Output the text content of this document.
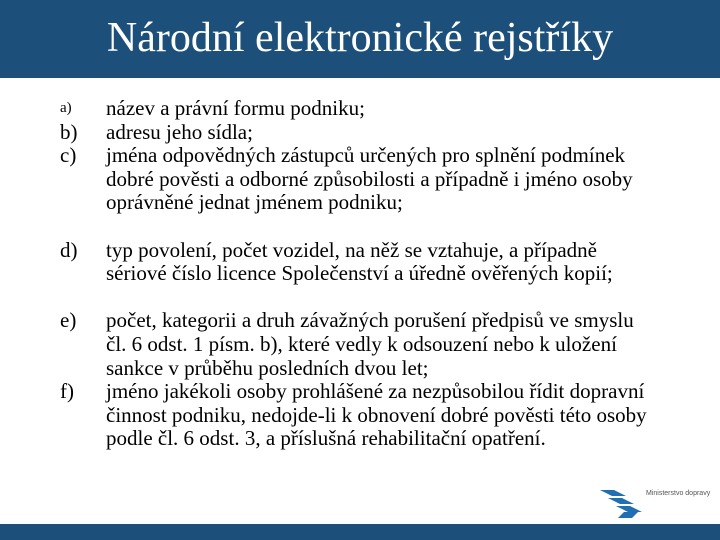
Národní elektronické rejstříky
a)	název a právní formu podniku;
b)	adresu jeho sídla;
c)	jména odpovědných zástupců určených pro splnění podmínek dobré pověsti a odborné způsobilosti a případně i jméno osoby oprávněné jednat jménem podniku;
d)	typ povolení, počet vozidel, na něž se vztahuje, a případně sériové číslo licence Společenství a úředně ověřených kopií;
e)	počet, kategorii a druh závažných porušení předpisů ve smyslu čl. 6 odst. 1 písm. b), které vedly k odsouzení nebo k uložení sankce v průběhu posledních dvou let;
f)	jméno jakékoli osoby prohlášené za nezpůsobilou řídit dopravní činnost podniku, nedojde-li k obnovení dobré pověsti této osoby podle čl. 6 odst. 3, a příslušná rehabilitační opatření.
Ministerstvo dopravy
